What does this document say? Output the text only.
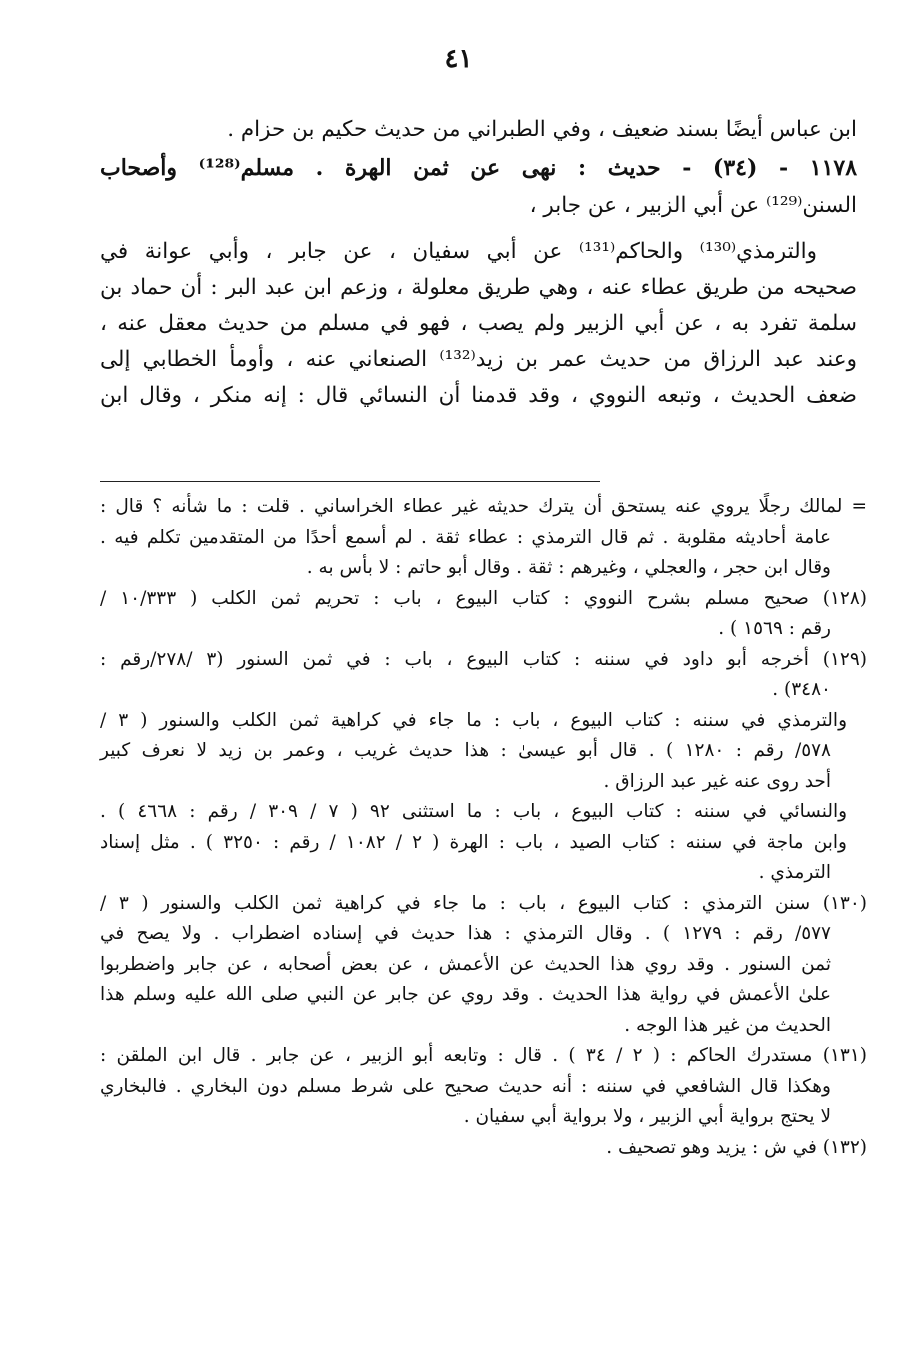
٤١
ابن عباس أيضًا بسند ضعيف ، وفي الطبراني من حديث حكيم بن حزام .
١١٧٨ - (٣٤) - حديث : نهى عن ثمن الهرة . مسلم⁽¹²⁸⁾ وأصحاب
السنن⁽¹²⁹⁾ عن أبي الزبير ، عن جابر ،
والترمذي⁽¹³⁰⁾ والحاكم⁽¹³¹⁾ عن أبي سفيان ، عن جابر ، وأبي عوانة في
صحيحه من طريق عطاء عنه ، وهي طريق معلولة ، وزعم ابن عبد البر : أن حماد بن
سلمة تفرد به ، عن أبي الزبير ولم يصب ، فهو في مسلم من حديث معقل عنه ،
وعند عبد الرزاق من حديث عمر بن زيد⁽¹³²⁾ الصنعاني عنه ، وأومأ الخطابي إلى
ضعف الحديث ، وتبعه النووي ، وقد قدمنا أن النسائي قال : إنه منكر ، وقال ابن
= لمالك رجلًا يروي عنه يستحق أن يترك حديثه غير عطاء الخراساني . قلت : ما شأنه ؟ قال :
عامة أحاديثه مقلوبة . ثم قال الترمذي : عطاء ثقة . لم أسمع أحدًا من المتقدمين تكلم فيه .
وقال ابن حجر ، والعجلي ، وغيرهم : ثقة . وقال أبو حاتم : لا بأس به .
(١٢٨) صحيح مسلم بشرح النووي : كتاب البيوع ، باب : تحريم ثمن الكلب ( ١٠/٣٣٣ /
رقم : ١٥٦٩ ) .
(١٢٩) أخرجه أبو داود في سننه : كتاب البيوع ، باب : في ثمن السنور (٣ /٢٧٨/رقم :
٣٤٨٠) .
والترمذي في سننه : كتاب البيوع ، باب : ما جاء في كراهية ثمن الكلب والسنور ( ٣ /
٥٧٨/ رقم : ١٢٨٠ ) . قال أبو عيسىٰ : هذا حديث غريب ، وعمر بن زيد لا نعرف كبير
أحد روى عنه غير عبد الرزاق .
والنسائي في سننه : كتاب البيوع ، باب : ما استثنى ٩٢ ( ٧ / ٣٠٩ / رقم : ٤٦٦٨ ) .
وابن ماجة في سننه : كتاب الصيد ، باب : الهرة ( ٢ / ١٠٨٢ / رقم : ٣٢٥٠ ) . مثل إسناد
الترمذي .
(١٣٠) سنن الترمذي : كتاب البيوع ، باب : ما جاء في كراهية ثمن الكلب والسنور ( ٣ /
٥٧٧/ رقم : ١٢٧٩ ) . وقال الترمذي : هذا حديث في إسناده اضطراب . ولا يصح في
ثمن السنور . وقد روي هذا الحديث عن الأعمش ، عن بعض أصحابه ، عن جابر واضطربوا
علىٰ الأعمش في رواية هذا الحديث . وقد روي عن جابر عن النبي صلى الله عليه وسلم هذا
الحديث من غير هذا الوجه .
(١٣١) مستدرك الحاكم : ( ٢ / ٣٤ ) . قال : وتابعه أبو الزبير ، عن جابر . قال ابن الملقن :
وهكذا قال الشافعي في سننه : أنه حديث صحيح على شرط مسلم دون البخاري . فالبخاري
لا يحتج برواية أبي الزبير ، ولا برواية أبي سفيان .
(١٣٢) في ش : يزيد وهو تصحيف .
